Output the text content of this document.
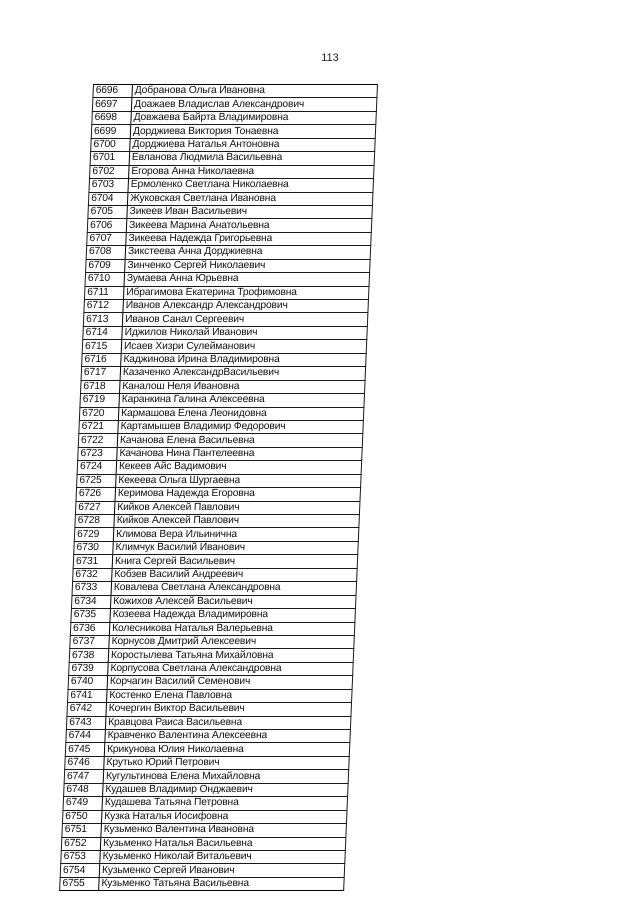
113
6696	Добранова Ольга Ивановна
6697	Доажаев Владислав Александрович
6698	Довжаева Байрта Владимировна
6699	Дорджиева Виктория Тонаевна
6700	Дорджиева Наталья Антоновна
6701	Евланова Людмила Васильевна
6702	Егорова Анна Николаевна
6703	Ермоленко Светлана Николаевна
6704	Жуковская Светлана Ивановна
6705	Зикеев Иван Васильевич
6706	Зикеева Марина Анатольевна
6707	Зикеева Надежда Григорьевна
6708	Зикстеева Анна Дорджиевна
6709	Зинченко Сергей Николаевич
6710	Зумаева Анна Юрьевна
6711	Ибрагимова Екатерина Трофимовна
6712	Иванов Александр Александрович
6713	Иванов Санал Сергеевич
6714	Иджилов Николай Иванович
6715	Исаев Хизри Сулейманович
6716	Каджинова Ирина Владимировна
6717	Казаченко АлександрВасильевич
6718	Каналош Неля Ивановна
6719	Каранкина Галина Алексеевна
6720	Кармашова Елена Леонидовна
6721	Картамышев Владимир Федорович
6722	Качанова Елена Васильевна
6723	Качанова Нина Пантелеевна
6724	Кекеев Айс Вадимович
6725	Кекеева Ольга Шургаевна
6726	Керимова Надежда Егоровна
6727	Кийков Алексей Павлович
6728	Кийков Алексей Павлович
6729	Климова Вера Ильинична
6730	Климчук Василий Иванович
6731	Книга Сергей Васильевич
6732	Кобзев Василий Андреевич
6733	Ковалева Светлана Александровна
6734	Кожихов Алексей Васильевич
6735	Козеева Надежда Владимировна
6736	Колесникова Наталья Валерьевна
6737	Корнусов Дмитрий Алексеевич
6738	Коростылева Татьяна Михайловна
6739	Корпусова Светлана Александровна
6740	Корчагин Василий Семенович
6741	Костенко Елена Павловна
6742	Кочергин Виктор Васильевич
6743	Кравцова Раиса Васильевна
6744	Кравченко Валентина Алексеевна
6745	Крикунова Юлия Николаевна
6746	Крутько Юрий Петрович
6747	Кугультинова Елена Михайловна
6748	Кудашев Владимир Онджаевич
6749	Кудашева Татьяна Петровна
6750	Кузка Наталья Иосифовна
6751	Кузьменко Валентина Ивановна
6752	Кузьменко Наталья Васильевна
6753	Кузьменко Николай Витальевич
6754	Кузьменко Сергей Иванович
6755	Кузьменко Татьяна Васильевна
